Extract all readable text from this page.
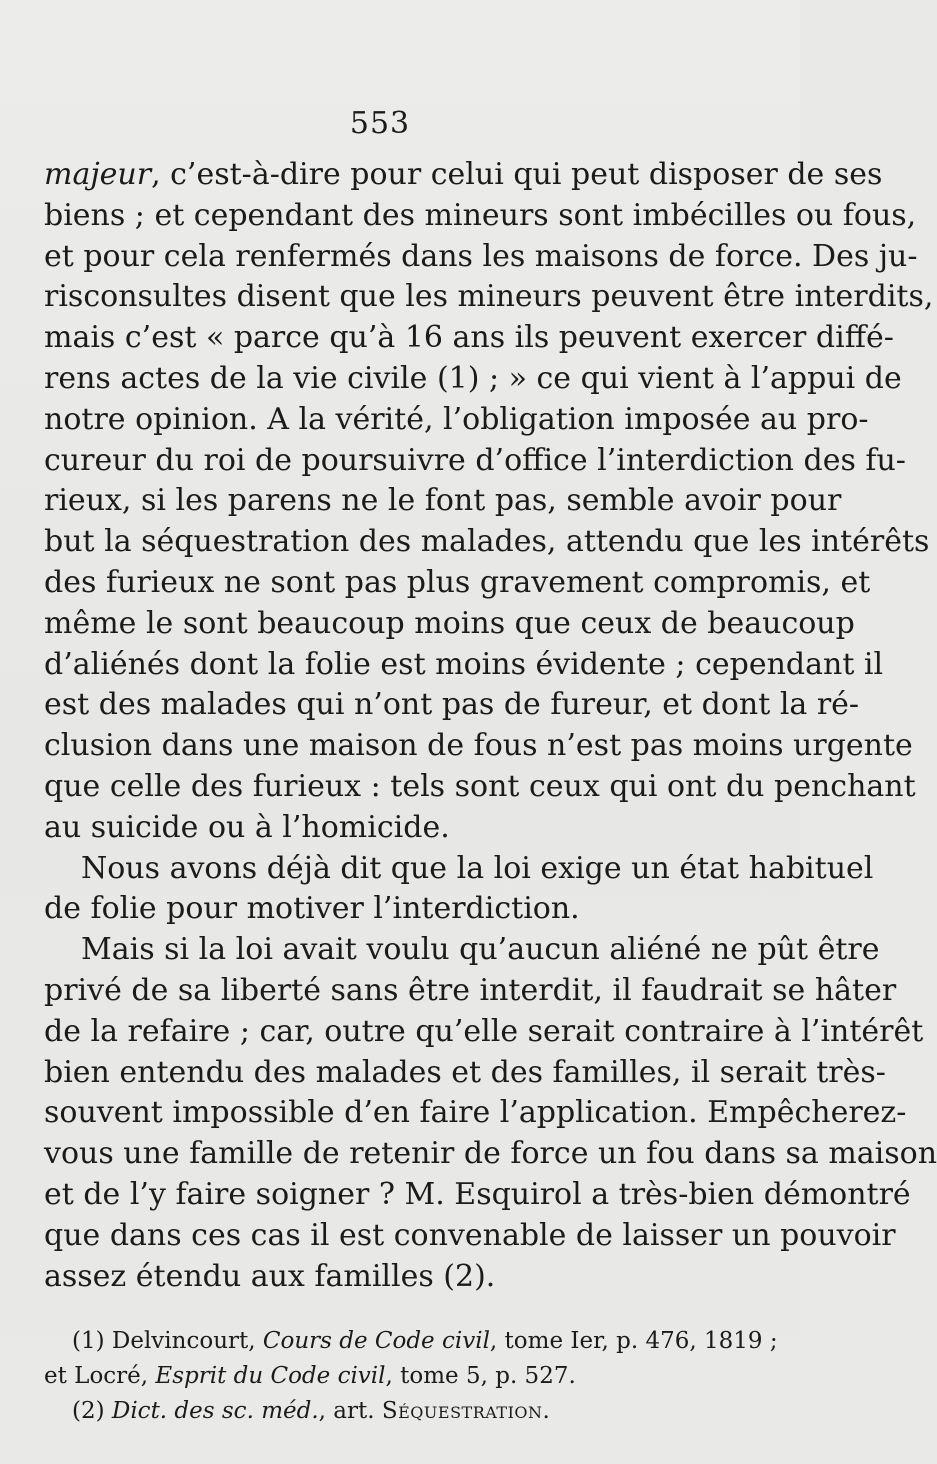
553
majeur, c’est-à-dire pour celui qui peut disposer de ses
biens ; et cependant des mineurs sont imbécilles ou fous,
et pour cela renfermés dans les maisons de force. Des ju-
risconsultes disent que les mineurs peuvent être interdits,
mais c’est « parce qu’à 16 ans ils peuvent exercer diffé-
rens actes de la vie civile (1) ; » ce qui vient à l’appui de
notre opinion. A la vérité, l’obligation imposée au pro-
cureur du roi de poursuivre d’office l’interdiction des fu-
rieux, si les parens ne le font pas, semble avoir pour
but la séquestration des malades, attendu que les intérêts
des furieux ne sont pas plus gravement compromis, et
même le sont beaucoup moins que ceux de beaucoup
d’aliénés dont la folie est moins évidente ; cependant il
est des malades qui n’ont pas de fureur, et dont la ré-
clusion dans une maison de fous n’est pas moins urgente
que celle des furieux : tels sont ceux qui ont du penchant
au suicide ou à l’homicide.
Nous avons déjà dit que la loi exige un état habituel
de folie pour motiver l’interdiction.
Mais si la loi avait voulu qu’aucun aliéné ne pût être
privé de sa liberté sans être interdit, il faudrait se hâter
de la refaire ; car, outre qu’elle serait contraire à l’intérêt
bien entendu des malades et des familles, il serait très-
souvent impossible d’en faire l’application. Empêcherez-
vous une famille de retenir de force un fou dans sa maison
et de l’y faire soigner ? M. Esquirol a très-bien démontré
que dans ces cas il est convenable de laisser un pouvoir
assez étendu aux familles (2).
(1) Delvincourt, Cours de Code civil, tome Ier, p. 476, 1819 ;
et Locré, Esprit du Code civil, tome 5, p. 527.
(2) Dict. des sc. méd., art. Séquestration.
